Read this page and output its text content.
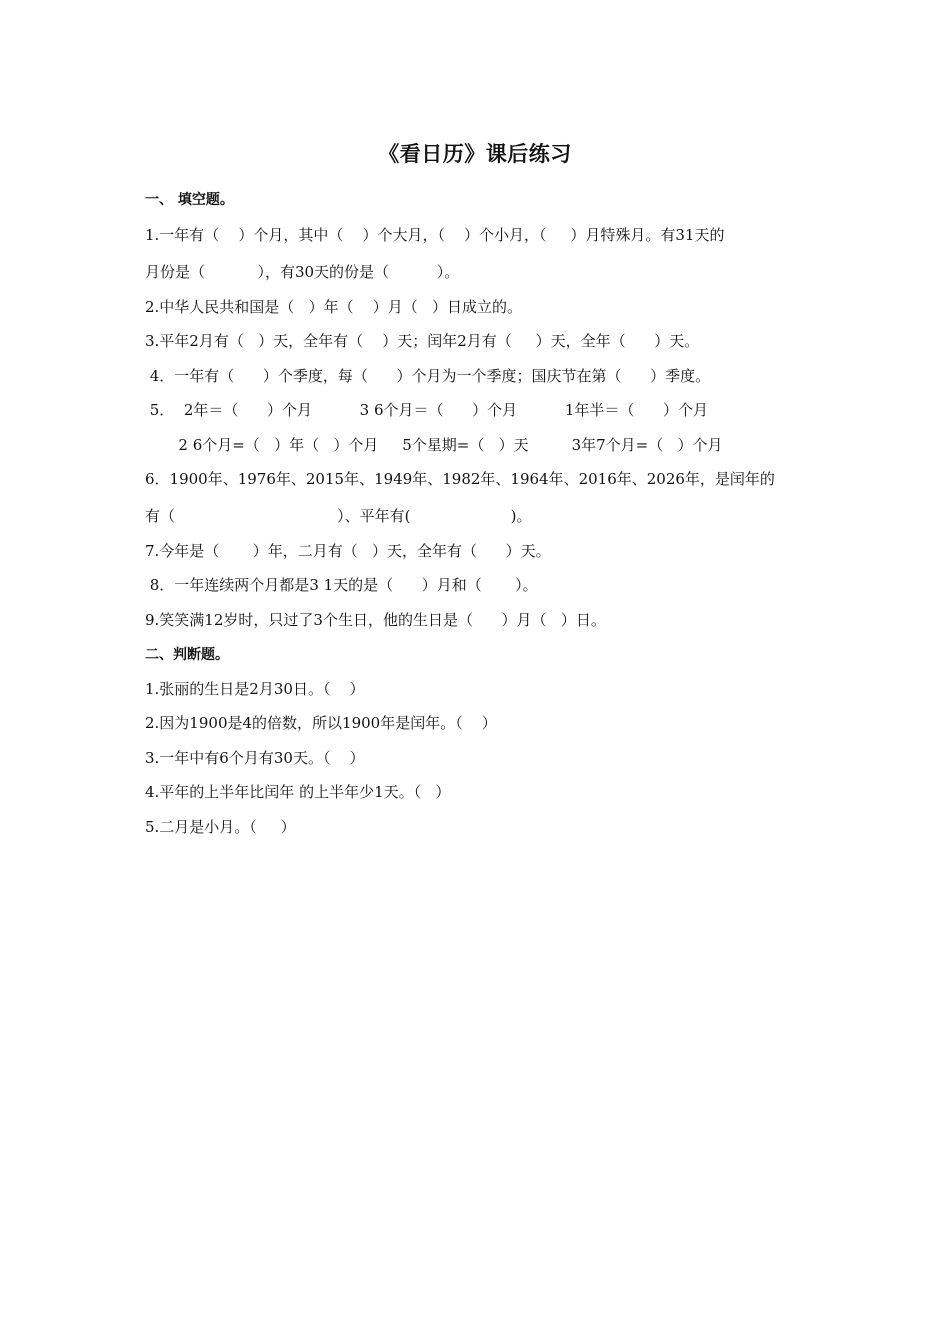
《看日历》课后练习
一、 填空题。
1.一年有（    ）个月，其中（    ）个大月，（    ）个小月，（     ）月特殊月。有31天的
月份是（           ），有30天的份是（          ）。
2.中华人民共和国是（   ）年（    ）月（   ）日成立的。
3.平年2月有（   ）天，全年有（    ）天；闰年2月有（     ）天，全年（      ）天。
4．一年有（      ）个季度，每（      ）个月为一个季度；国庆节在第（      ）季度。
5．  2年＝（      ）个月          3 6个月＝（      ）个月          1年半＝（      ）个月
2 6个月=（   ）年（   ）个月     5个星期=（   ）天         3年7个月=（   ）个月
6．1900年、1976年、2015年、1949年、1982年、1964年、2016年、2026年，是闰年的
有（                                  ）、平年有(                     )。
7.今年是（       ）年，二月有（   ）天，全年有（      ）天。
8．一年连续两个月都是3 1天的是（      ）月和（       ）。
9.笑笑满12岁时，只过了3个生日，他的生日是（      ）月（   ）日。
二、判断题。
1.张丽的生日是2月30日。（    ）
2.因为1900是4的倍数，所以1900年是闰年。（    ）
3.一年中有6个月有30天。（    ）
4.平年的上半年比闰年 的上半年少1天。（   ）
5.二月是小月。（     ）
